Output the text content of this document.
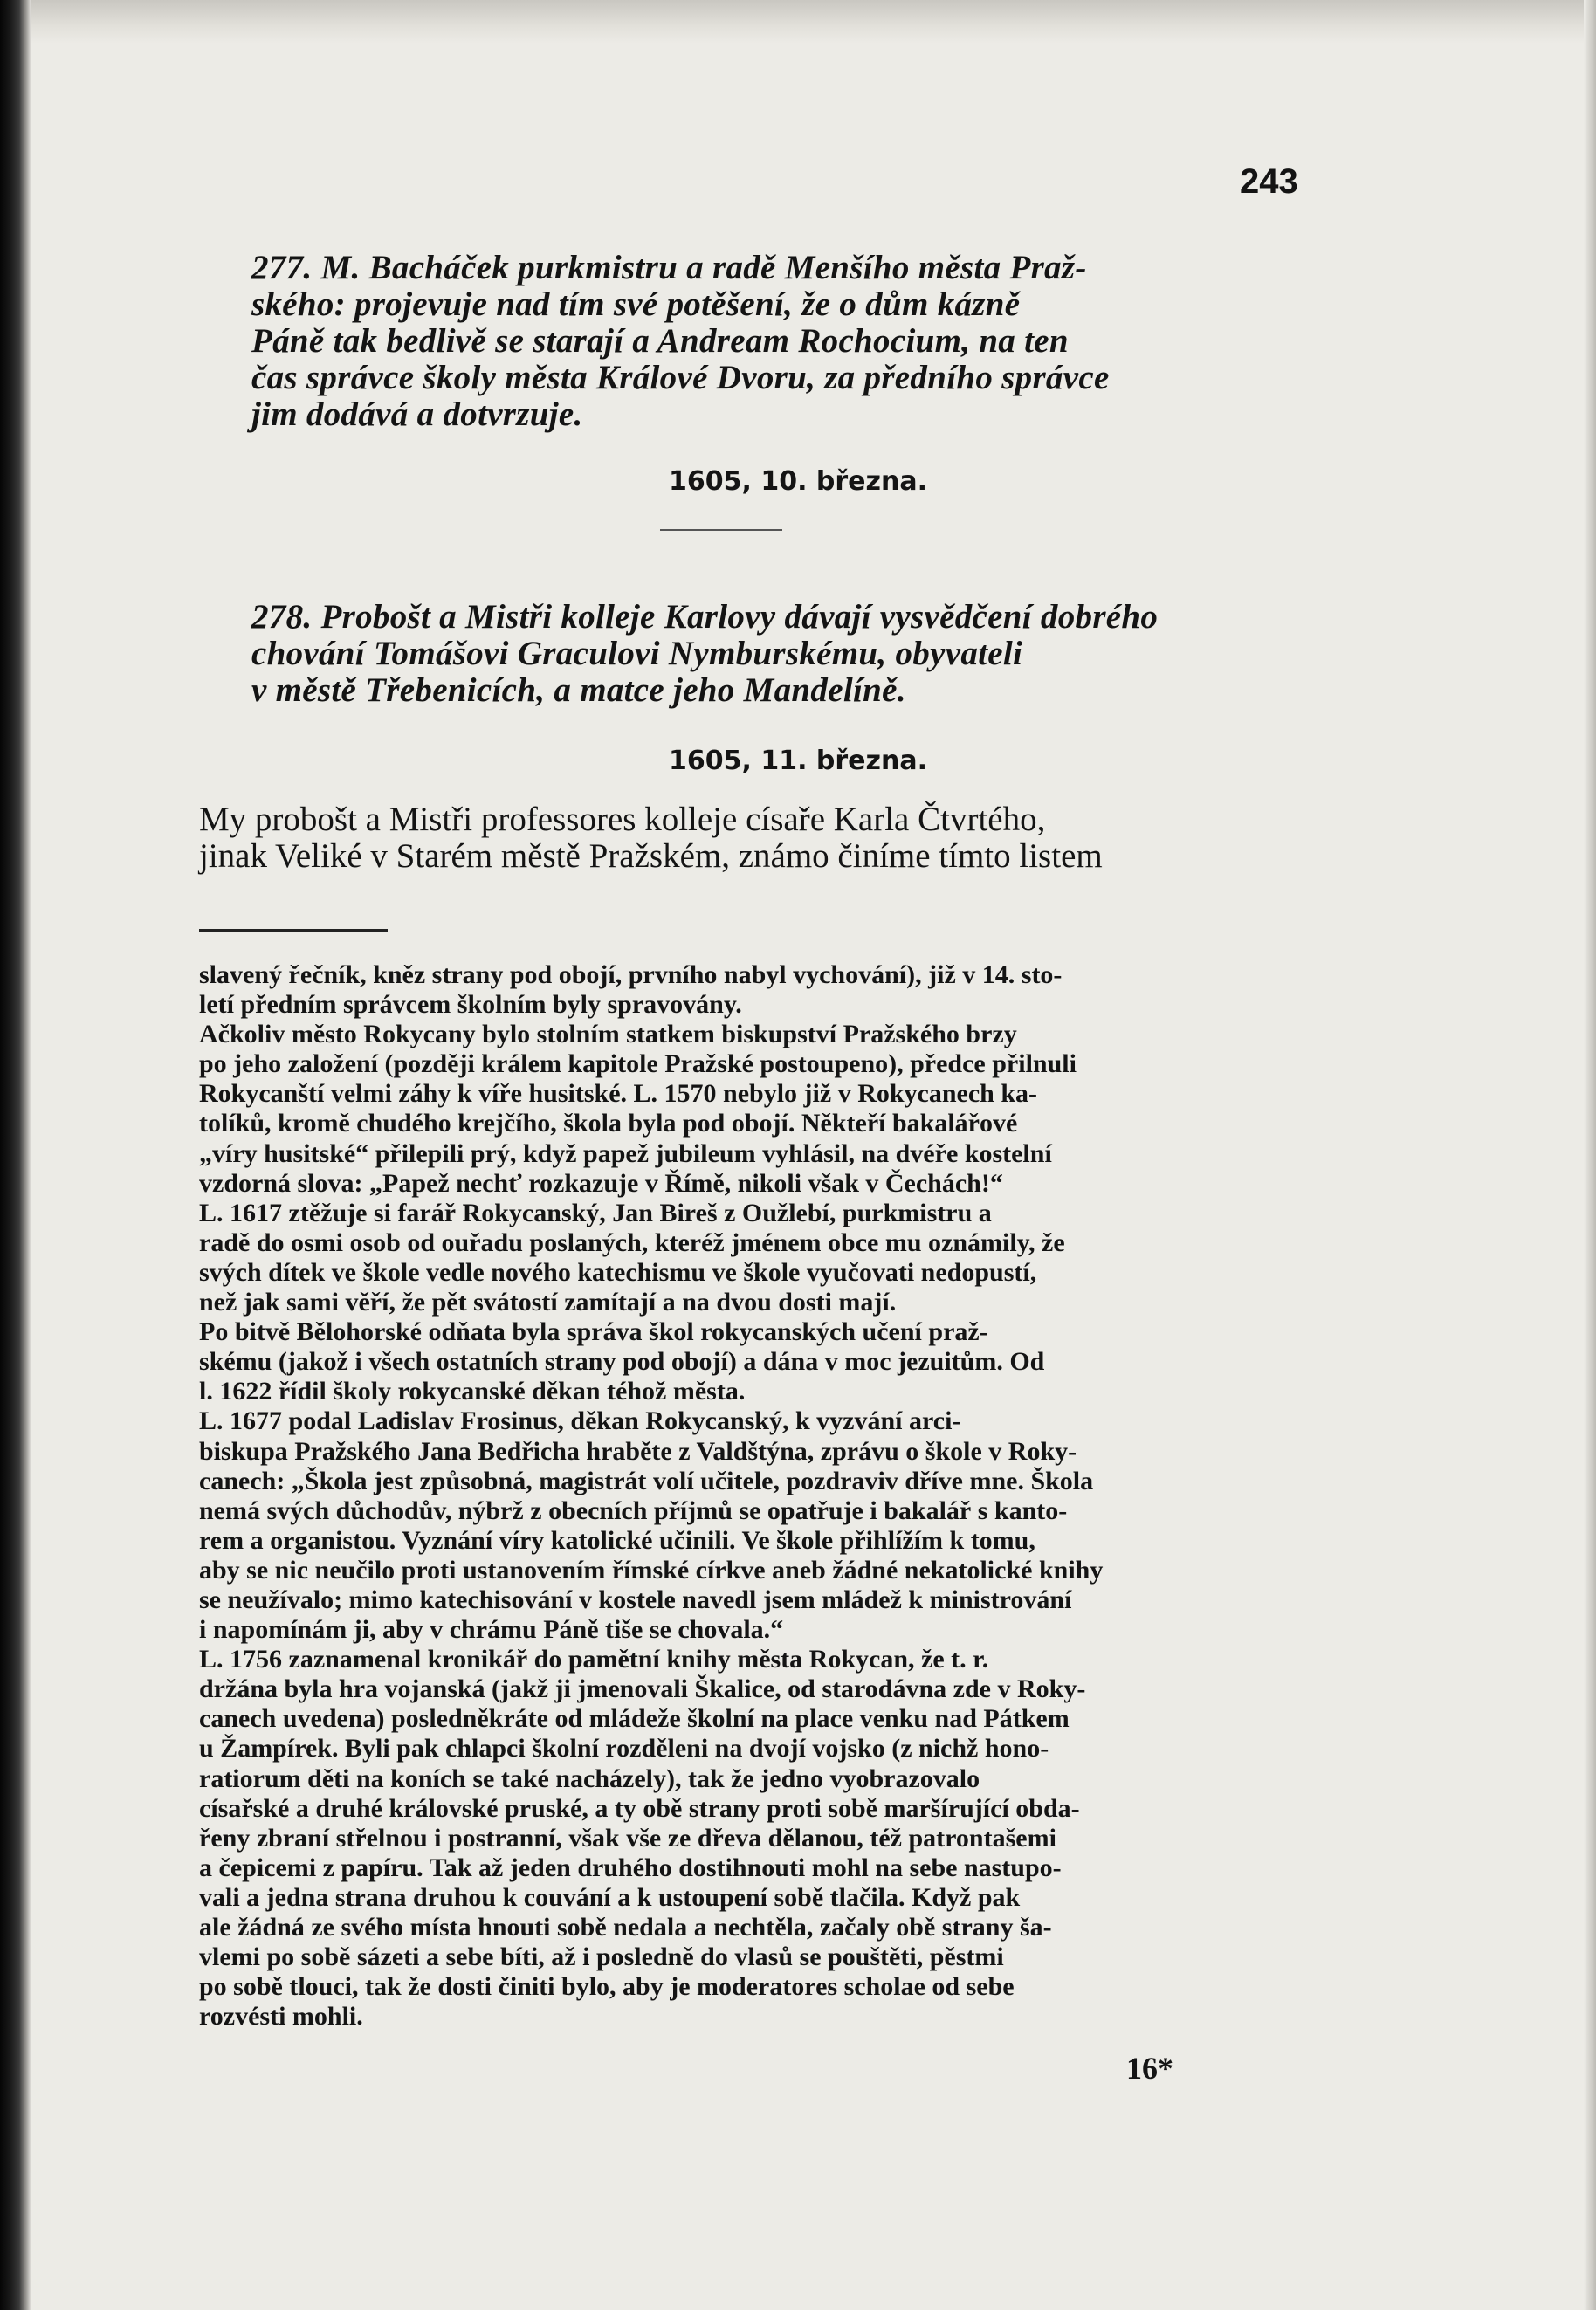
243
277. M. Bacháček purkmistru a radě Menšího města Praž-
ského: projevuje nad tím své potěšení, že o dům kázně
Páně tak bedlivě se starají a Andream Rochocium, na ten
čas správce školy města Králové Dvoru, za předního správce
jim dodává a dotvrzuje.
1605, 10. března.
278. Probošt a Mistři kolleje Karlovy dávají vysvědčení dobrého
chování Tomášovi Graculovi Nymburskému, obyvateli
v městě Třebenicích, a matce jeho Mandelíně.
1605, 11. března.
My probošt a Mistři professores kolleje císaře Karla Čtvrtého,
jinak Veliké v Starém městě Pražském, známo činíme tímto listem
slavený řečník, kněz strany pod obojí, prvního nabyl vychování), již v 14. sto-
letí předním správcem školním byly spravovány.
Ačkoliv město Rokycany bylo stolním statkem biskupství Pražského brzy
po jeho založení (později králem kapitole Pražské postoupeno), předce přilnuli
Rokycanští velmi záhy k víře husitské. L. 1570 nebylo již v Rokycanech ka-
tolíků, kromě chudého krejčího, škola byla pod obojí. Někteří bakalářové
„víry husitské“ přilepili prý, když papež jubileum vyhlásil, na dvéře kostelní
vzdorná slova: „Papež nechť rozkazuje v Římě, nikoli však v Čechách!“
L. 1617 ztěžuje si farář Rokycanský, Jan Bireš z Oužlebí, purkmistru a
radě do osmi osob od ouřadu poslaných, kteréž jménem obce mu oznámily, že
svých dítek ve škole vedle nového katechismu ve škole vyučovati nedopustí,
než jak sami věří, že pět svátostí zamítají a na dvou dosti mají.
Po bitvě Bělohorské odňata byla správa škol rokycanských učení praž-
skému (jakož i všech ostatních strany pod obojí) a dána v moc jezuitům. Od
l. 1622 řídil školy rokycanské děkan téhož města.
L. 1677 podal Ladislav Frosinus, děkan Rokycanský, k vyzvání arci-
biskupa Pražského Jana Bedřicha hraběte z Valdštýna, zprávu o škole v Roky-
canech: „Škola jest způsobná, magistrát volí učitele, pozdraviv dříve mne. Škola
nemá svých důchodův, nýbrž z obecních příjmů se opatřuje i bakalář s kanto-
rem a organistou. Vyznání víry katolické učinili. Ve škole přihlížím k tomu,
aby se nic neučilo proti ustanovením římské církve aneb žádné nekatolické knihy
se neužívalo; mimo katechisování v kostele navedl jsem mládež k ministrování
i napomínám ji, aby v chrámu Páně tiše se chovala.“
L. 1756 zaznamenal kronikář do pamětní knihy města Rokycan, že t. r.
držána byla hra vojanská (jakž ji jmenovali Škalice, od starodávna zde v Roky-
canech uvedena) posledněkráte od mládeže školní na placе venku nad Pátkem
u Žampírek. Byli pak chlapci školní rozděleni na dvojí vojsko (z nichž hono-
ratiorum děti na koních se také nacházely), tak že jedno vyobrazovalo
císařské a druhé královské pruské, a ty obě strany proti sobě maršírující obda-
řeny zbraní střelnou i postranní, však vše ze dřeva dělanou, též patrontašemi
a čepicemi z papíru. Tak až jeden druhého dostihnouti mohl na sebe nastupo-
vali a jedna strana druhou k couvání a k ustoupení sobě tlačila. Když pak
ale žádná ze svého místa hnouti sobě nedala a nechtěla, začaly obě strany ša-
vlemi po sobě sázeti a sebe bíti, až i posledně do vlasů se pouštěti, pěstmi
po sobě tlouci, tak že dosti činiti bylo, aby je moderatores scholae od sebe
rozvésti mohli.
16*
